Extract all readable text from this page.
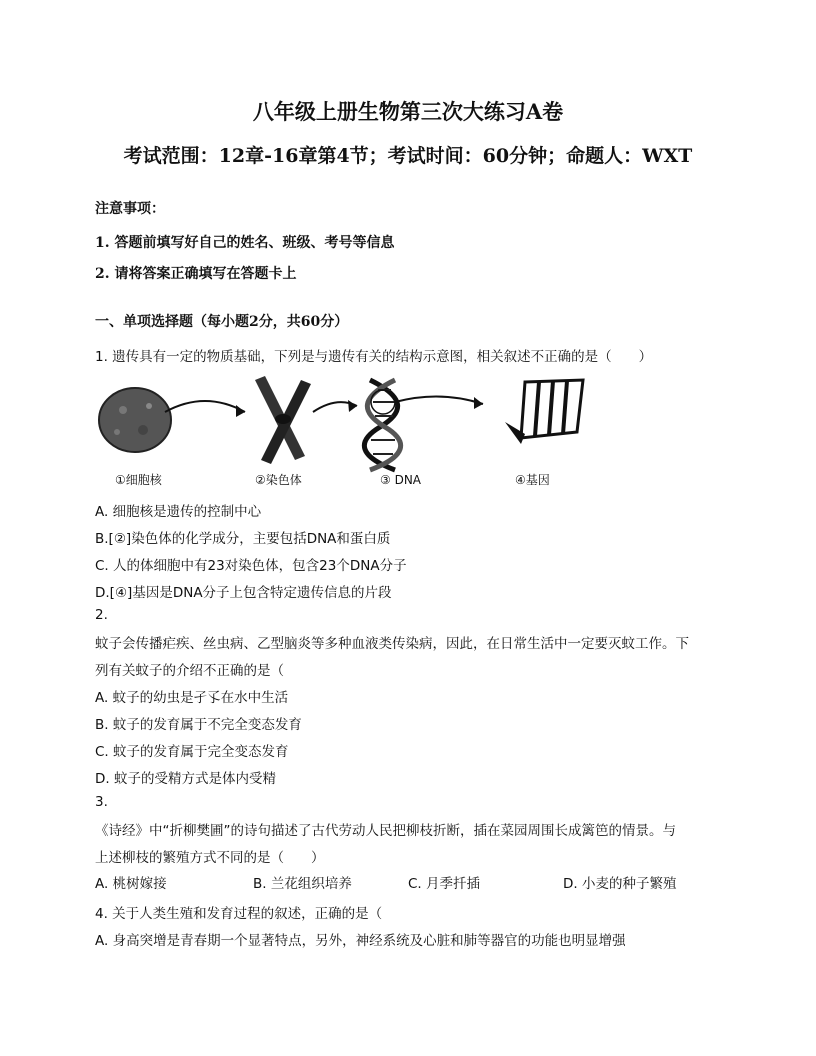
八年级上册生物第三次大练习A卷
考试范围：12章-16章第4节；考试时间：60分钟；命题人：WXT
注意事项：
1. 答题前填写好自己的姓名、班级、考号等信息
2. 请将答案正确填写在答题卡上
一、单项选择题（每小题2分，共60分）
1. 遗传具有一定的物质基础，下列是与遗传有关的结构示意图，相关叙述不正确的是（　　）
①细胞核	②染色体	③ DNA	④基因
A. 细胞核是遗传的控制中心
B.[②]染色体的化学成分，主要包括DNA和蛋白质
C. 人的体细胞中有23对染色体，包含23个DNA分子
D.[④]基因是DNA分子上包含特定遗传信息的片段
2.
蚊子会传播疟疾、丝虫病、乙型脑炎等多种血液类传染病，因此，在日常生活中一定要灭蚊工作。下
列有关蚊子的介绍不正确的是（
A. 蚊子的幼虫是孑孓在水中生活
B. 蚊子的发育属于不完全变态发育
C. 蚊子的发育属于完全变态发育
D. 蚊子的受精方式是体内受精
3.
《诗经》中“折柳樊圃”的诗句描述了古代劳动人民把柳枝折断，插在菜园周围长成篱笆的情景。与
上述柳枝的繁殖方式不同的是（　　）
A. 桃树嫁接	B. 兰花组织培养	C. 月季扦插	D. 小麦的种子繁殖
4. 关于人类生殖和发育过程的叙述，正确的是（
A. 身高突增是青春期一个显著特点，另外，神经系统及心脏和肺等器官的功能也明显增强
